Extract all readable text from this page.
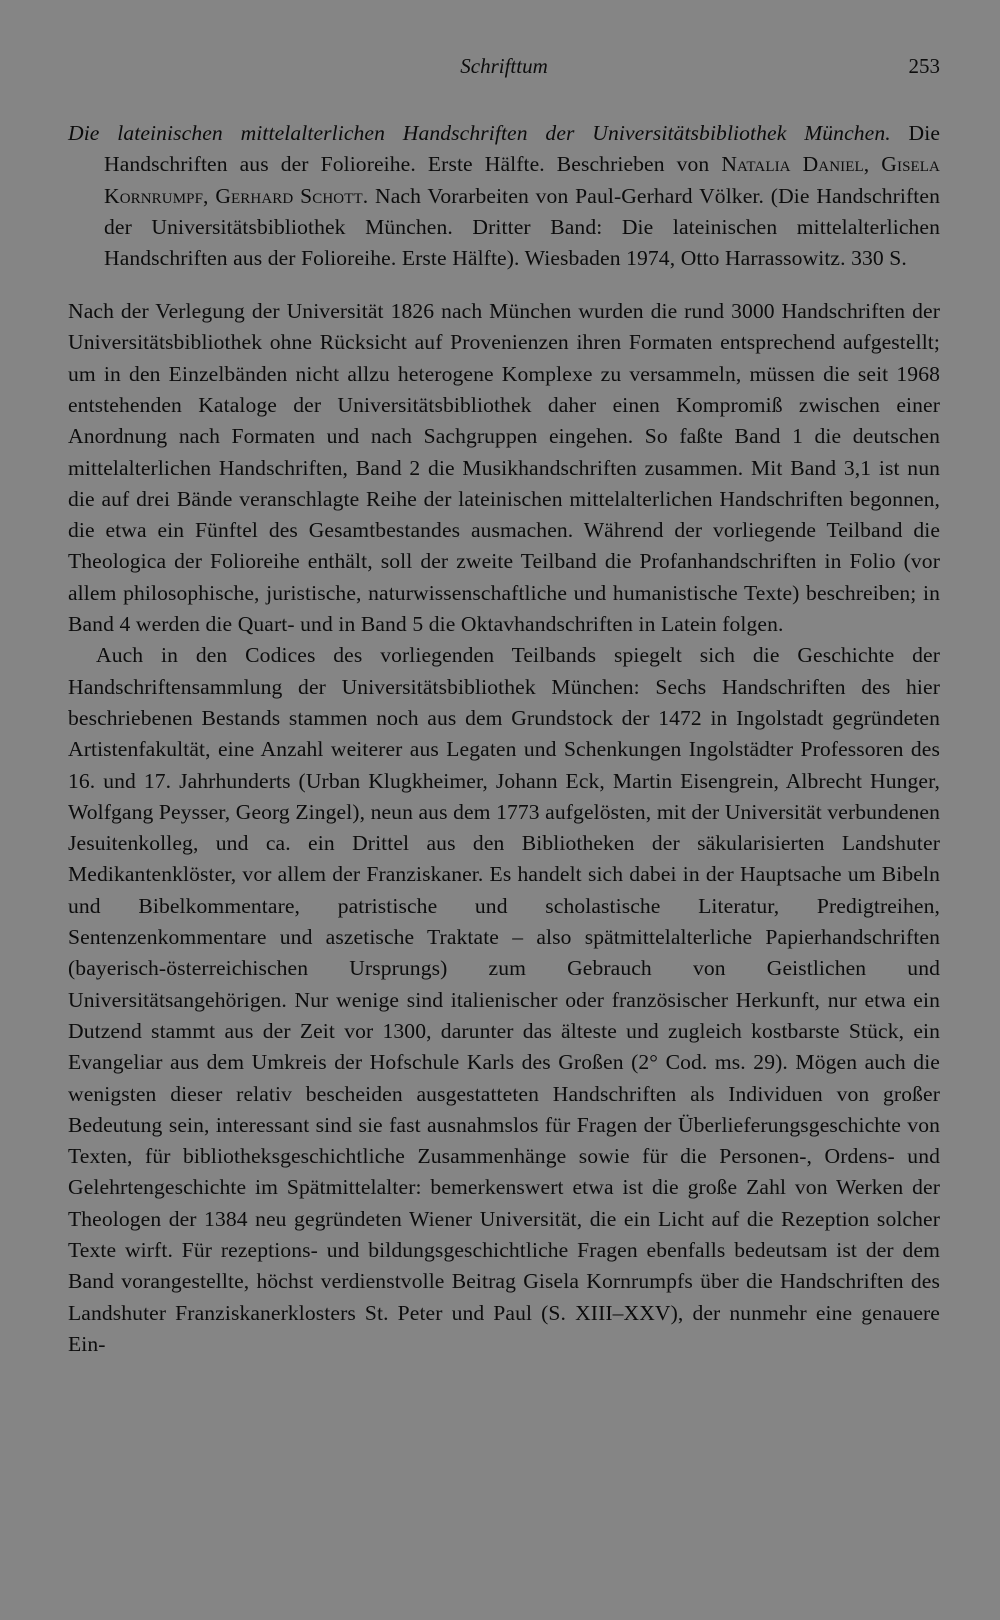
Schrifttum	253

Die lateinischen mittelalterlichen Handschriften der Universitätsbibliothek München. Die Handschriften aus der Folioreihe. Erste Hälfte. Beschrieben von Natalia Daniel, Gisela Kornrumpf, Gerhard Schott. Nach Vorarbeiten von Paul-Gerhard Völker. (Die Handschriften der Universitätsbibliothek München. Dritter Band: Die lateinischen mittelalterlichen Handschriften aus der Folioreihe. Erste Hälfte). Wiesbaden 1974, Otto Harrassowitz. 330 S.

Nach der Verlegung der Universität 1826 nach München wurden die rund 3000 Handschriften der Universitätsbibliothek ohne Rücksicht auf Provenienzen ihren Formaten entsprechend aufgestellt; um in den Einzelbänden nicht allzu heterogene Komplexe zu versammeln, müssen die seit 1968 entstehenden Kataloge der Universitätsbibliothek daher einen Kompromiß zwischen einer Anordnung nach Formaten und nach Sachgruppen eingehen. So faßte Band 1 die deutschen mittelalterlichen Handschriften, Band 2 die Musikhandschriften zusammen. Mit Band 3,1 ist nun die auf drei Bände veranschlagte Reihe der lateinischen mittelalterlichen Handschriften begonnen, die etwa ein Fünftel des Gesamtbestandes ausmachen. Während der vorliegende Teilband die Theologica der Folioreihe enthält, soll der zweite Teilband die Profanhandschriften in Folio (vor allem philosophische, juristische, naturwissenschaftliche und humanistische Texte) beschreiben; in Band 4 werden die Quart- und in Band 5 die Oktavhandschriften in Latein folgen.

Auch in den Codices des vorliegenden Teilbands spiegelt sich die Geschichte der Handschriftensammlung der Universitätsbibliothek München: Sechs Handschriften des hier beschriebenen Bestands stammen noch aus dem Grundstock der 1472 in Ingolstadt gegründeten Artistenfakultät, eine Anzahl weiterer aus Legaten und Schenkungen Ingolstädter Professoren des 16. und 17. Jahrhunderts (Urban Klugkheimer, Johann Eck, Martin Eisengrein, Albrecht Hunger, Wolfgang Peysser, Georg Zingel), neun aus dem 1773 aufgelösten, mit der Universität verbundenen Jesuitenkolleg, und ca. ein Drittel aus den Bibliotheken der säkularisierten Landshuter Medikantenklöster, vor allem der Franziskaner. Es handelt sich dabei in der Hauptsache um Bibeln und Bibelkommentare, patristische und scholastische Literatur, Predigtreihen, Sentenzenkommentare und aszetische Traktate – also spätmittelalterliche Papierhandschriften (bayerisch-österreichischen Ursprungs) zum Gebrauch von Geistlichen und Universitätsangehörigen. Nur wenige sind italienischer oder französischer Herkunft, nur etwa ein Dutzend stammt aus der Zeit vor 1300, darunter das älteste und zugleich kostbarste Stück, ein Evangeliar aus dem Umkreis der Hofschule Karls des Großen (2° Cod. ms. 29). Mögen auch die wenigsten dieser relativ bescheiden ausgestatteten Handschriften als Individuen von großer Bedeutung sein, interessant sind sie fast ausnahmslos für Fragen der Überlieferungsgeschichte von Texten, für bibliotheksgeschichtliche Zusammenhänge sowie für die Personen-, Ordens- und Gelehrtengeschichte im Spätmittelalter: bemerkenswert etwa ist die große Zahl von Werken der Theologen der 1384 neu gegründeten Wiener Universität, die ein Licht auf die Rezeption solcher Texte wirft. Für rezeptions- und bildungsgeschichtliche Fragen ebenfalls bedeutsam ist der dem Band vorangestellte, höchst verdienstvolle Beitrag Gisela Kornrumpfs über die Handschriften des Landshuter Franziskanerklosters St. Peter und Paul (S. XIII–XXV), der nunmehr eine genauere Ein-
